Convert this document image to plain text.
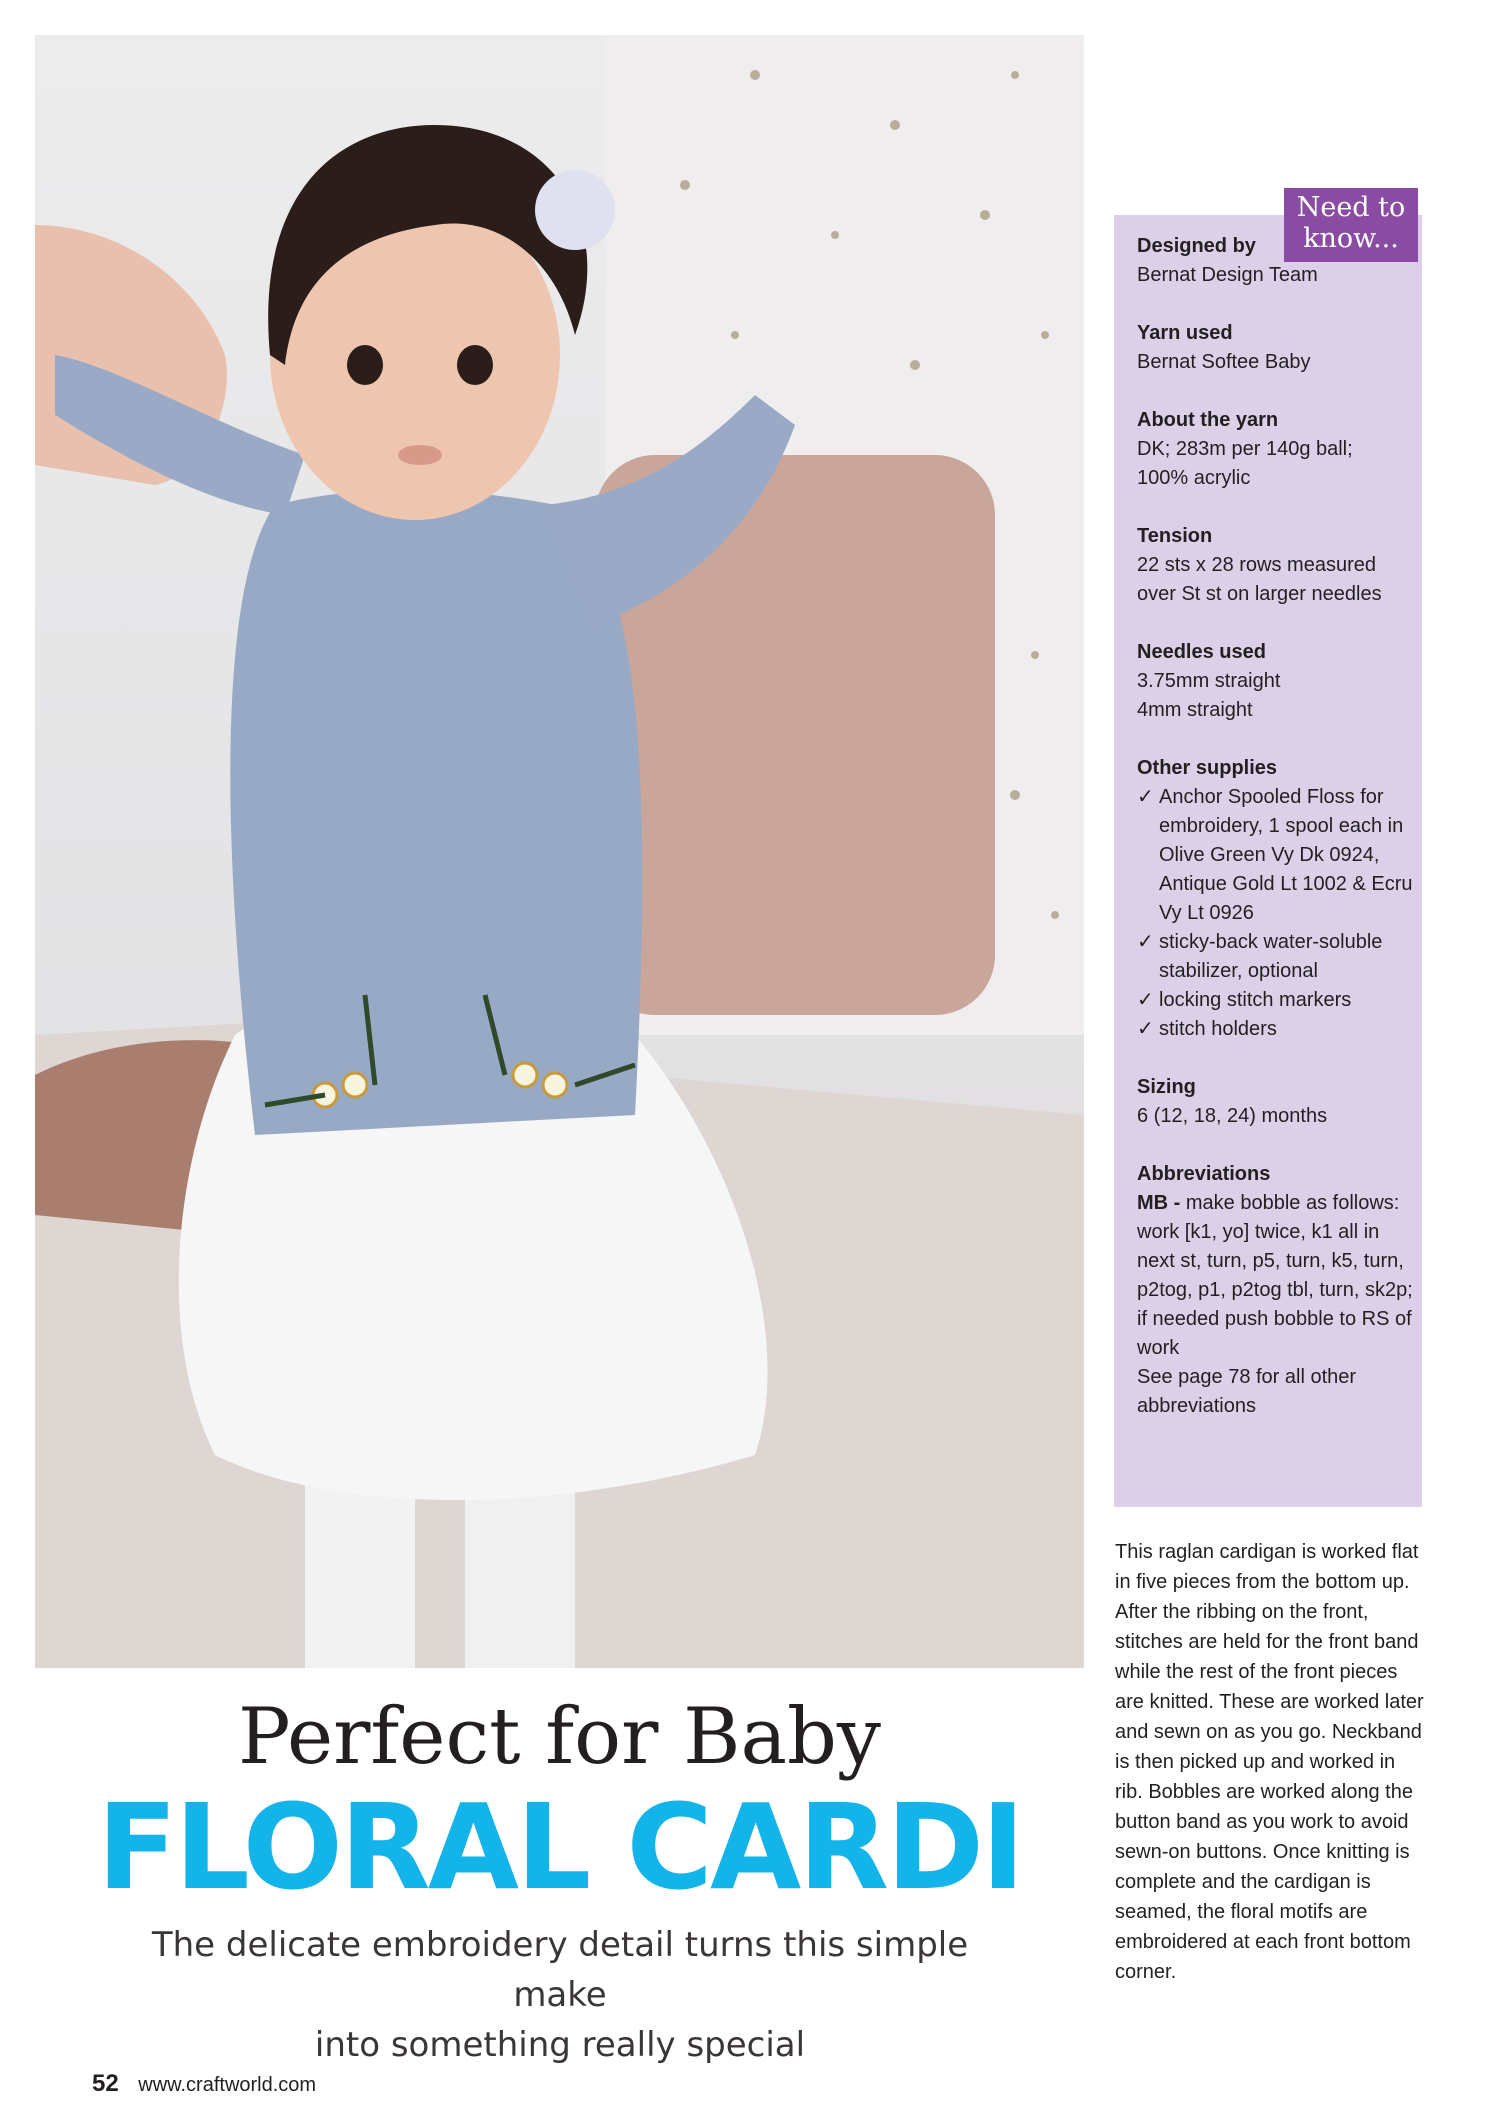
Need to know...
Designed by

Bernat Design Team

Yarn used

Bernat Softee Baby

About the yarn

DK; 283m per 140g ball;

100% acrylic

Tension

22 sts x 28 rows measured

over St st on larger needles

Needles used

3.75mm straight

4mm straight

Other supplies
✓ Anchor Spooled Floss for embroidery, 1 spool each in Olive Green Vy Dk 0924, Antique Gold Lt 1002 & Ecru Vy Lt 0926
✓ sticky-back water-soluble stabilizer, optional
✓ locking stitch markers
✓ stitch holders
Sizing

6 (12, 18, 24) months

Abbreviations

MB - make bobble as follows: work [k1, yo] twice, k1 all in next st, turn, p5, turn, k5, turn, p2tog, p1, p2tog tbl, turn, sk2p; if needed push bobble to RS of work

See page 78 for all other abbreviations

This raglan cardigan is worked flat in five pieces from the bottom up. After the ribbing on the front, stitches are held for the front band while the rest of the front pieces are knitted. These are worked later and sewn on as you go. Neckband is then picked up and worked in rib. Bobbles are worked along the button band as you work to avoid sewn-on buttons. Once knitting is complete and the cardigan is seamed, the floral motifs are embroidered at each front bottom corner.
Perfect for Baby
FLORAL CARDI
The delicate embroidery detail turns this simple make
into something really special
52 www.craftworld.com
